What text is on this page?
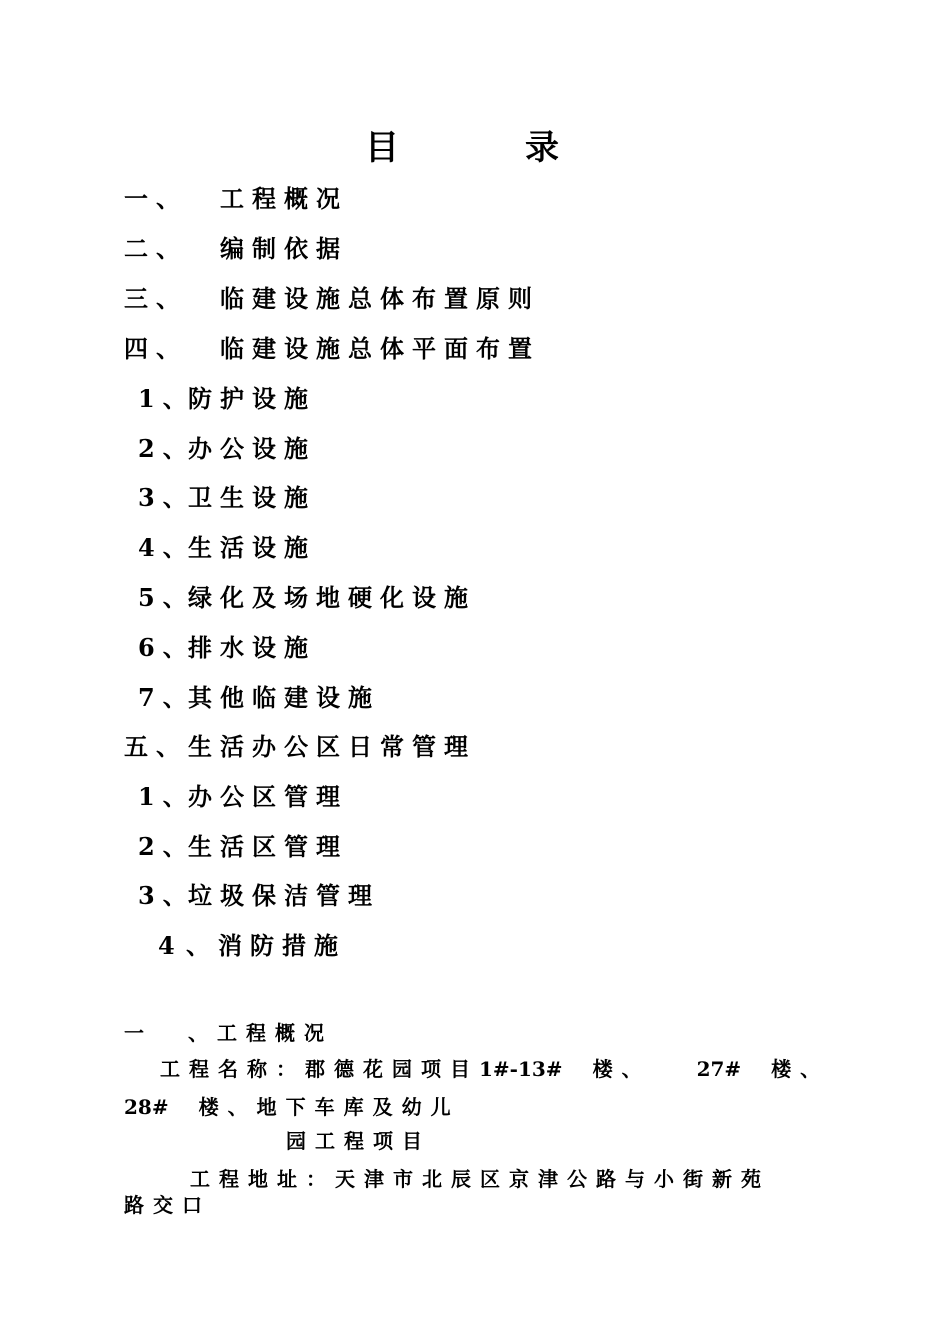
目	录
一、 工程概况
二、 编制依据
三、 临建设施总体布置原则
四、 临建设施总体平面布置
1、防护设施
2、办公设施
3、卫生设施
4、生活设施
5、绿化及场地硬化设施
6、排水设施
7、其他临建设施
五、生活办公区日常管理
1、办公区管理
2、生活区管理
3、垃圾保洁管理
4 、消防措施
一 、工程概况
工程名称：郡德花园项目1#-13# 楼、 27# 楼、
28# 楼、地下车库及幼儿
园工程项目
工程地址：天津市北辰区京津公路与小街新苑
路交口
